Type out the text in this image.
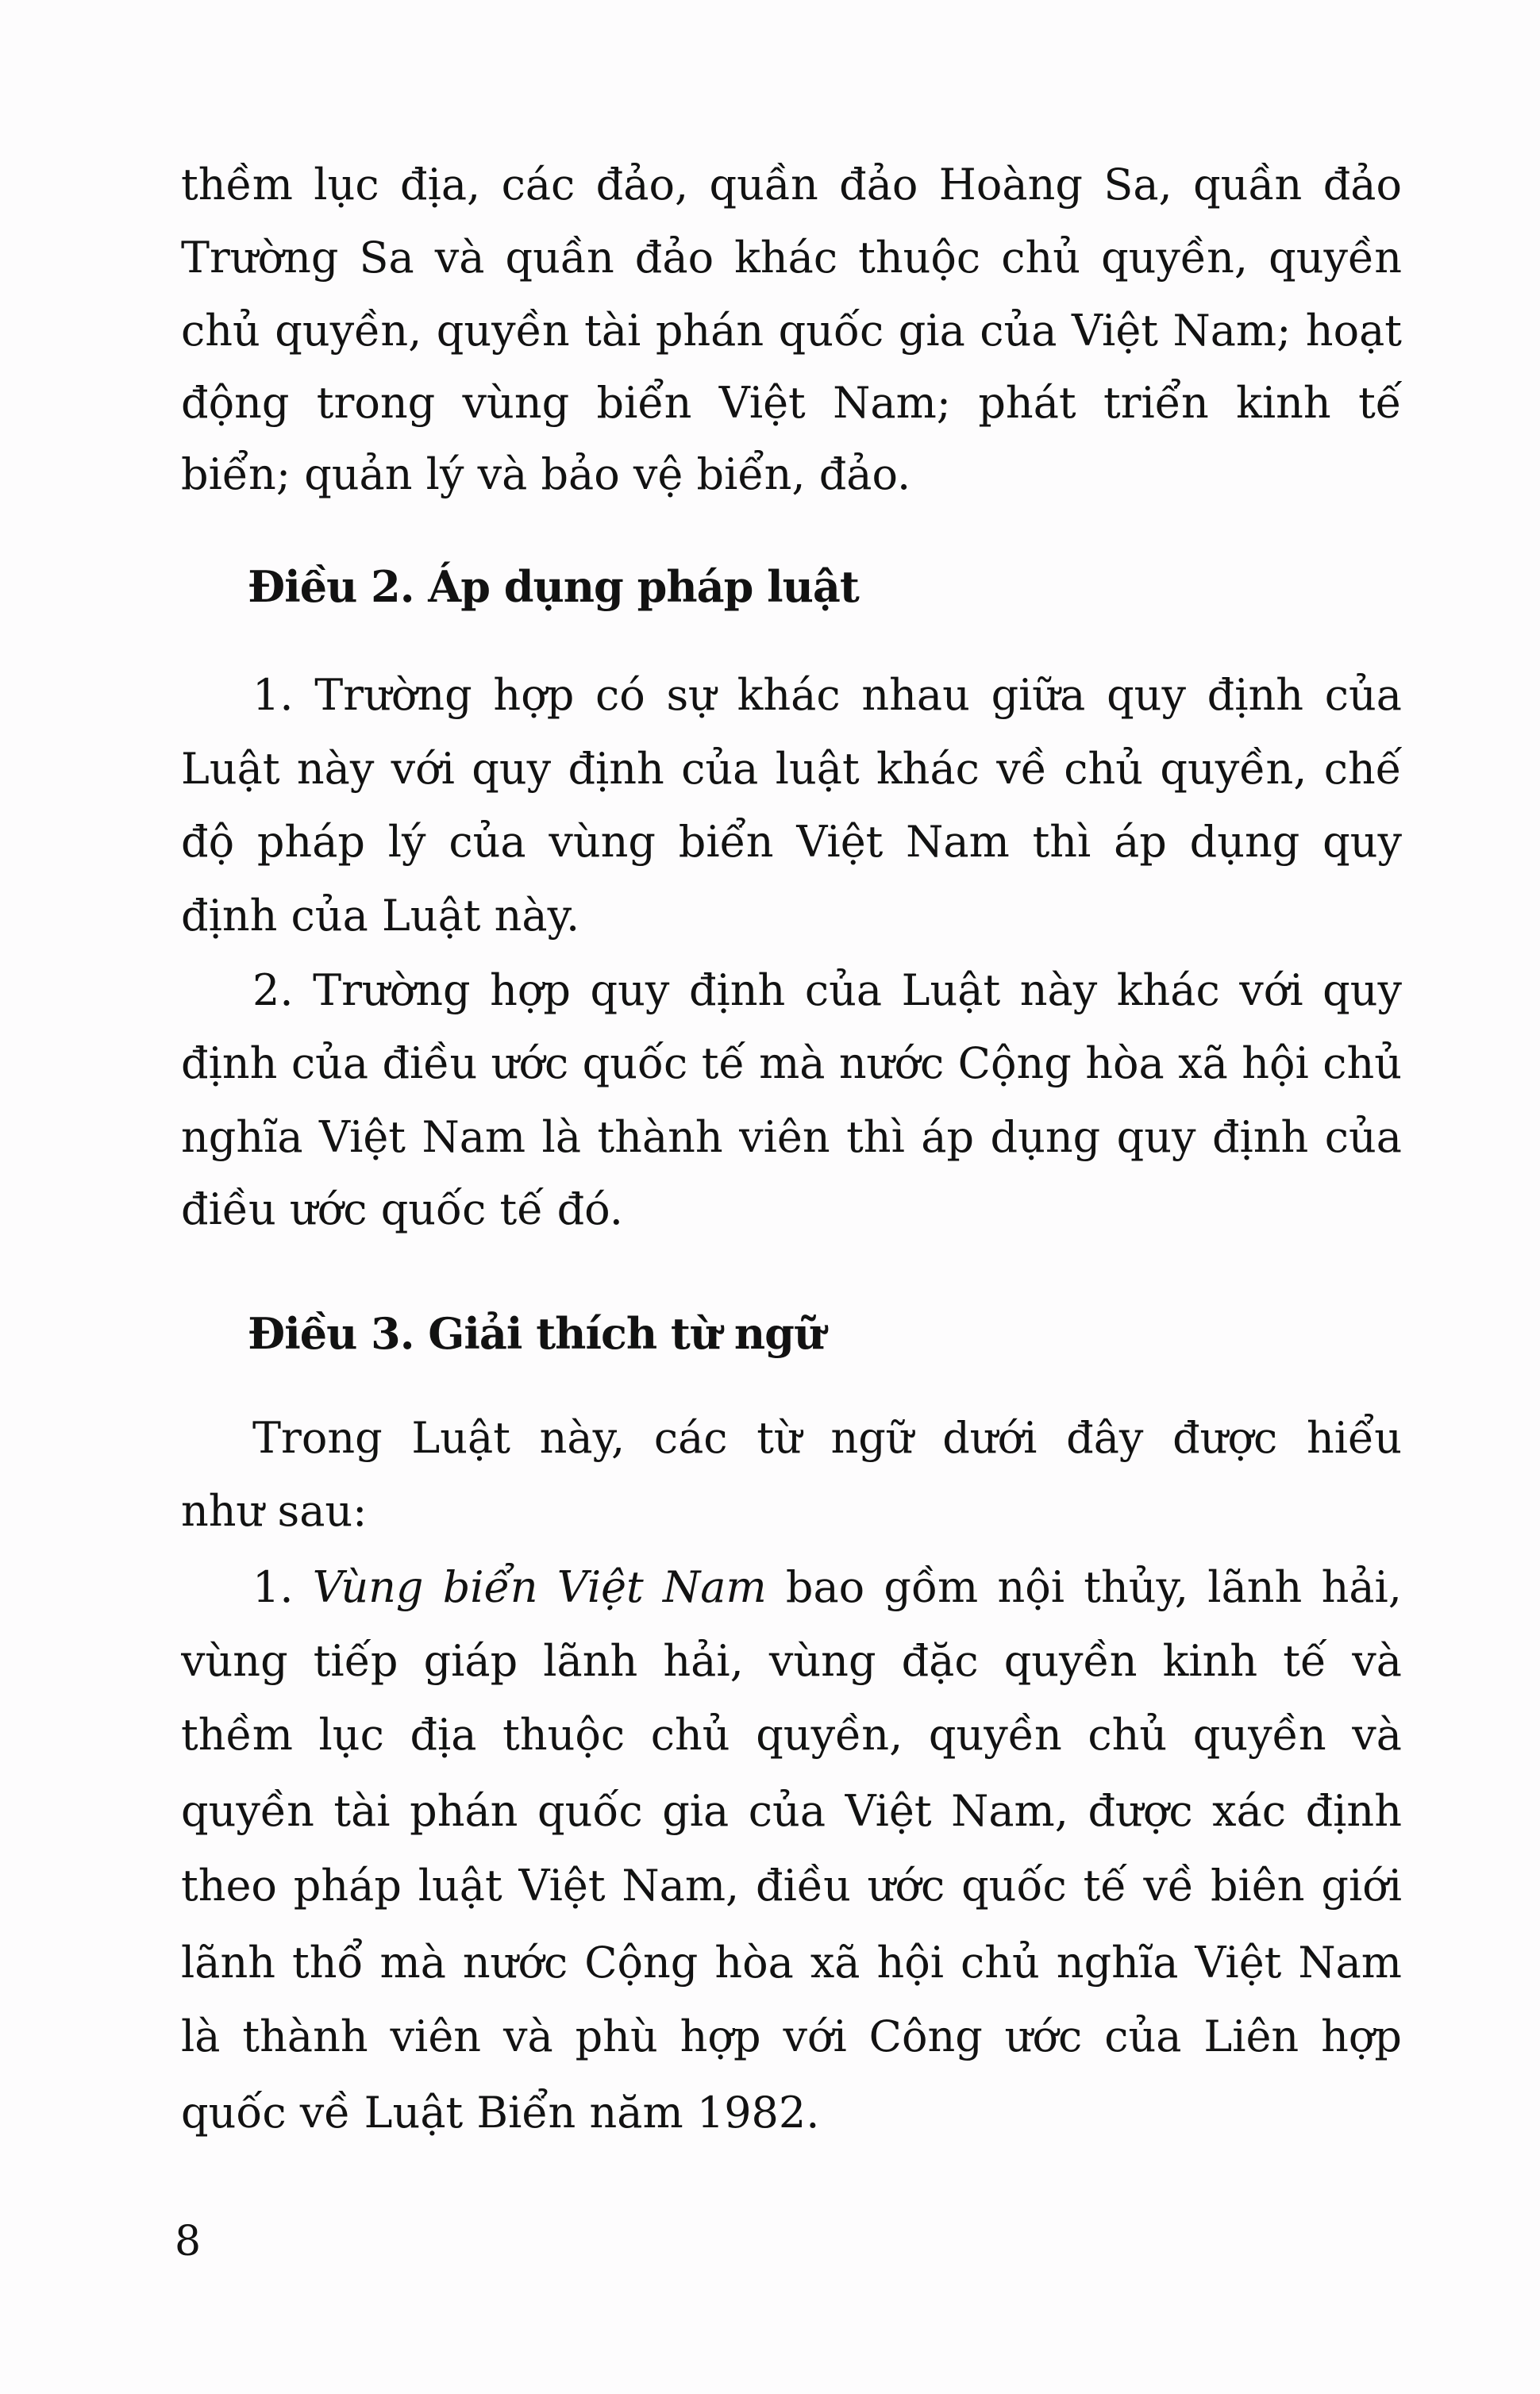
thềm lục địa, các đảo, quần đảo Hoàng Sa, quần đảo
Trường Sa và quần đảo khác thuộc chủ quyền, quyền
chủ quyền, quyền tài phán quốc gia của Việt Nam; hoạt
động trong vùng biển Việt Nam; phát triển kinh tế
biển; quản lý và bảo vệ biển, đảo.
Điều 2. Áp dụng pháp luật
1. Trường hợp có sự khác nhau giữa quy định của
Luật này với quy định của luật khác về chủ quyền, chế
độ pháp lý của vùng biển Việt Nam thì áp dụng quy
định của Luật này.
2. Trường hợp quy định của Luật này khác với quy
định của điều ước quốc tế mà nước Cộng hòa xã hội chủ
nghĩa Việt Nam là thành viên thì áp dụng quy định của
điều ước quốc tế đó.
Điều 3. Giải thích từ ngữ
Trong Luật này, các từ ngữ dưới đây được hiểu
như sau:
1. Vùng biển Việt Nam bao gồm nội thủy, lãnh hải,
vùng tiếp giáp lãnh hải, vùng đặc quyền kinh tế và
thềm lục địa thuộc chủ quyền, quyền chủ quyền và
quyền tài phán quốc gia của Việt Nam, được xác định
theo pháp luật Việt Nam, điều ước quốc tế về biên giới
lãnh thổ mà nước Cộng hòa xã hội chủ nghĩa Việt Nam
là thành viên và phù hợp với Công ước của Liên hợp
quốc về Luật Biển năm 1982.
8
